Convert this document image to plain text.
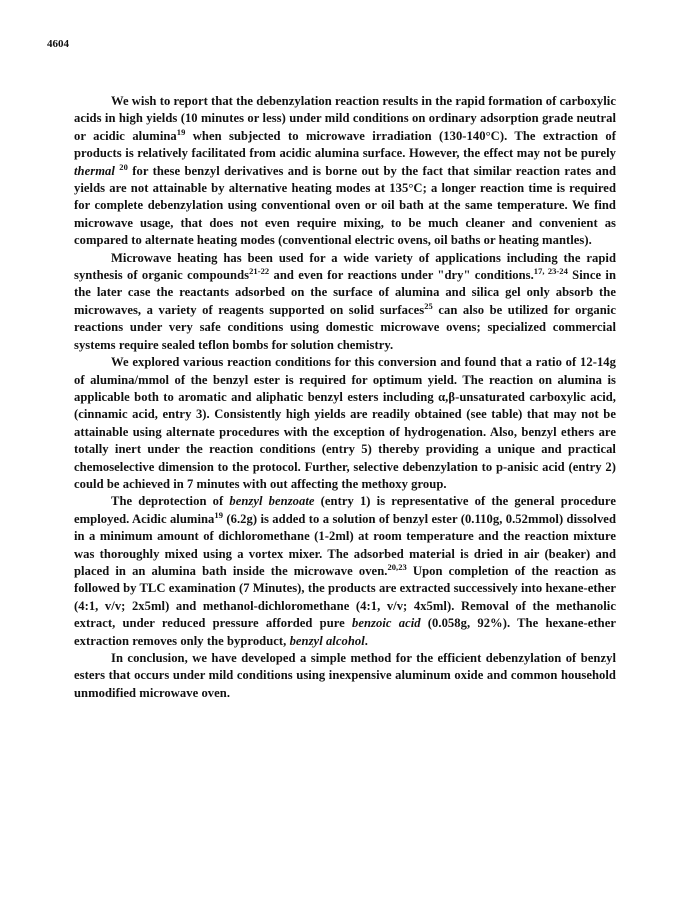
4604

We wish to report that the debenzylation reaction results in the rapid formation of carboxylic acids in high yields (10 minutes or less) under mild conditions on ordinary adsorption grade neutral or acidic alumina$^{19}$ when subjected to microwave irradiation (130-140°C). The extraction of products is relatively facilitated from acidic alumina surface. However, the effect may not be purely thermal $^{20}$ for these benzyl derivatives and is borne out by the fact that similar reaction rates and yields are not attainable by alternative heating modes at 135°C; a longer reaction time is required for complete debenzylation using conventional oven or oil bath at the same temperature. We find microwave usage, that does not even require mixing, to be much cleaner and convenient as compared to alternate heating modes (conventional electric ovens, oil baths or heating mantles).

Microwave heating has been used for a wide variety of applications including the rapid synthesis of organic compounds$^{21-22}$ and even for reactions under "dry" conditions.$^{17, 23-24}$ Since in the later case the reactants adsorbed on the surface of alumina and silica gel only absorb the microwaves, a variety of reagents supported on solid surfaces$^{25}$ can also be utilized for organic reactions under very safe conditions using domestic microwave ovens; specialized commercial systems require sealed teflon bombs for solution chemistry.

We explored various reaction conditions for this conversion and found that a ratio of 12-14g of alumina/mmol of the benzyl ester is required for optimum yield. The reaction on alumina is applicable both to aromatic and aliphatic benzyl esters including α,β-unsaturated carboxylic acid, (cinnamic acid, entry 3). Consistently high yields are readily obtained (see table) that may not be attainable using alternate procedures with the exception of hydrogenation. Also, benzyl ethers are totally inert under the reaction conditions (entry 5) thereby providing a unique and practical chemoselective dimension to the protocol. Further, selective debenzylation to p-anisic acid (entry 2) could be achieved in 7 minutes with out affecting the methoxy group.

The deprotection of benzyl benzoate (entry 1) is representative of the general procedure employed. Acidic alumina$^{19}$ (6.2g) is added to a solution of benzyl ester (0.110g, 0.52mmol) dissolved in a minimum amount of dichloromethane (1-2ml) at room temperature and the reaction mixture was thoroughly mixed using a vortex mixer. The adsorbed material is dried in air (beaker) and placed in an alumina bath inside the microwave oven.$^{20,23}$ Upon completion of the reaction as followed by TLC examination (7 Minutes), the products are extracted successively into hexane-ether (4:1, v/v; 2x5ml) and methanol-dichloromethane (4:1, v/v; 4x5ml). Removal of the methanolic extract, under reduced pressure afforded pure benzoic acid (0.058g, 92%). The hexane-ether extraction removes only the byproduct, benzyl alcohol.

In conclusion, we have developed a simple method for the efficient debenzylation of benzyl esters that occurs under mild conditions using inexpensive aluminum oxide and common household unmodified microwave oven.
